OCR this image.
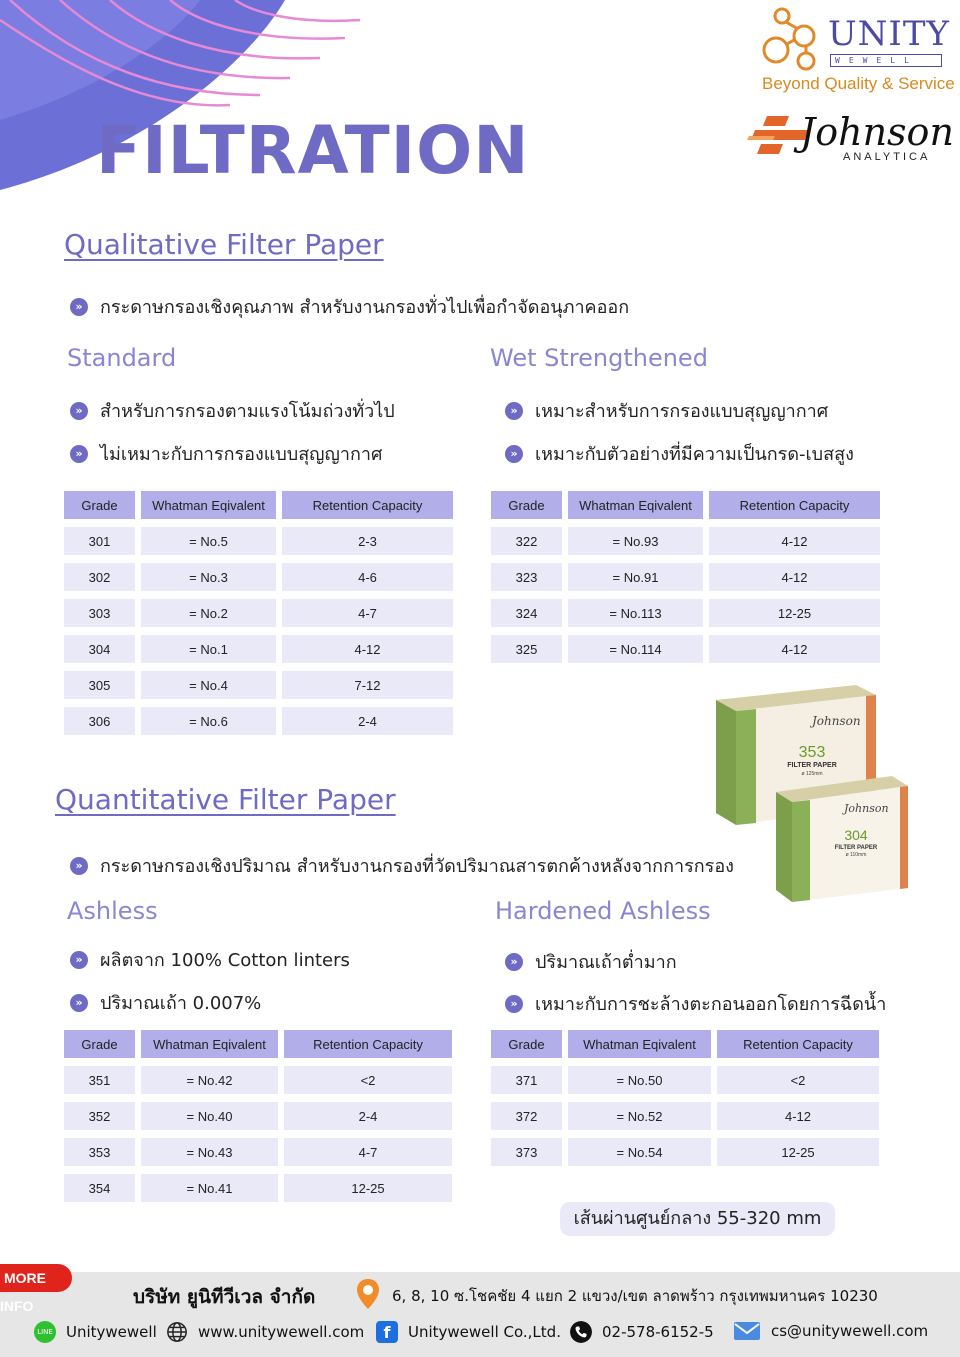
FILTRATION
UNITY
WEWELL
Beyond Quality & Service
Johnson
ANALYTICA
Qualitative Filter Paper
» กระดาษกรองเชิงคุณภาพ สำหรับงานกรองทั่วไปเพื่อกำจัดอนุภาคออก
Standard
» สำหรับการกรองตามแรงโน้มถ่วงทั่วไป
» ไม่เหมาะกับการกรองแบบสุญญากาศ
Wet Strengthened
» เหมาะสำหรับการกรองแบบสุญญากาศ
» เหมาะกับตัวอย่างที่มีความเป็นกรด-เบสสูง
Grade	Whatman Eqivalent	Retention Capacity
301	= No.5	2-3
302	= No.3	4-6
303	= No.2	4-7
304	= No.1	4-12
305	= No.4	7-12
306	= No.6	2-4
Grade	Whatman Eqivalent	Retention Capacity
322	= No.93	4-12
323	= No.91	4-12
324	= No.113	12-25
325	= No.114	4-12
Johnson
353
FILTER PAPER
ø 125mm
Johnson
304
FILTER PAPER
ø 110mm
Quantitative Filter Paper
» กระดาษกรองเชิงปริมาณ สำหรับงานกรองที่วัดปริมาณสารตกค้างหลังจากการกรอง
Ashless
» ผลิตจาก 100% Cotton linters
» ปริมาณเถ้า 0.007%
Hardened Ashless
» ปริมาณเถ้าต่ำมาก
» เหมาะกับการชะล้างตะกอนออกโดยการฉีดน้ำ
Grade	Whatman Eqivalent	Retention Capacity
351	= No.42	<2
352	= No.40	2-4
353	= No.43	4-7
354	= No.41	12-25
Grade	Whatman Eqivalent	Retention Capacity
371	= No.50	<2
372	= No.52	4-12
373	= No.54	12-25
เส้นผ่านศูนย์กลาง 55-320 mm
MORE INFO	บริษัท ยูนิทีวีเวล จำกัด	6, 8, 10 ซ.โชคชัย 4 แยก 2 แขวง/เขต ลาดพร้าว กรุงเทพมหานคร 10230
LINE Unitywewell	www.unitywewell.com	f	Unitywewell Co.,Ltd.	02-578-6152-5	cs@unitywewell.com
